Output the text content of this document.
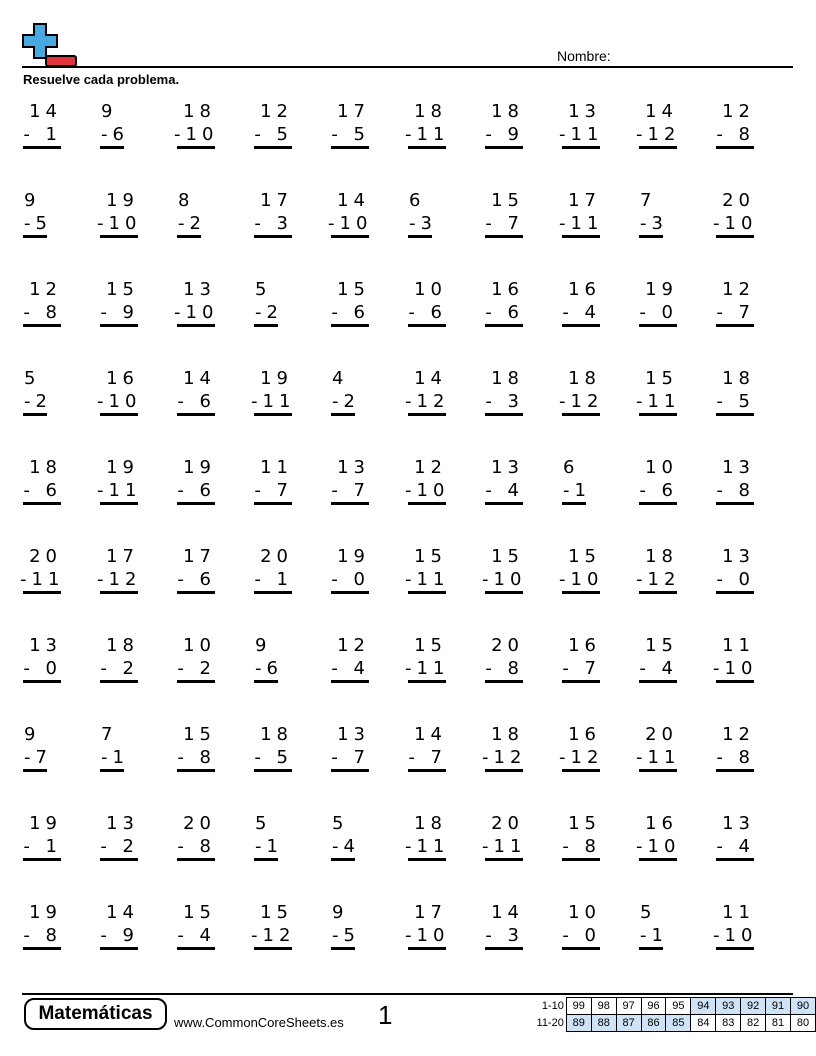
Nombre:
Resuelve cada problema.
14
- 1
9
-6
18
-10
12
- 5
17
- 5
18
-11
18
- 9
13
-11
14
-12
12
- 8
9
-5
19
-10
8
-2
17
- 3
14
-10
6
-3
15
- 7
17
-11
7
-3
20
-10
12
- 8
15
- 9
13
-10
5
-2
15
- 6
10
- 6
16
- 6
16
- 4
19
- 0
12
- 7
5
-2
16
-10
14
- 6
19
-11
4
-2
14
-12
18
- 3
18
-12
15
-11
18
- 5
18
- 6
19
-11
19
- 6
11
- 7
13
- 7
12
-10
13
- 4
6
-1
10
- 6
13
- 8
20
-11
17
-12
17
- 6
20
- 1
19
- 0
15
-11
15
-10
15
-10
18
-12
13
- 0
13
- 0
18
- 2
10
- 2
9
-6
12
- 4
15
-11
20
- 8
16
- 7
15
- 4
11
-10
9
-7
7
-1
15
- 8
18
- 5
13
- 7
14
- 7
18
-12
16
-12
20
-11
12
- 8
19
- 1
13
- 2
20
- 8
5
-1
5
-4
18
-11
20
-11
15
- 8
16
-10
13
- 4
19
- 8
14
- 9
15
- 4
15
-12
9
-5
17
-10
14
- 3
10
- 0
5
-1
11
-10
Matemáticas	www.CommonCoreSheets.es 1	1-10	99	98	97	96	95	94	93	92	91	90
11-20	89	88	87	86	85	84	83	82	81	80
